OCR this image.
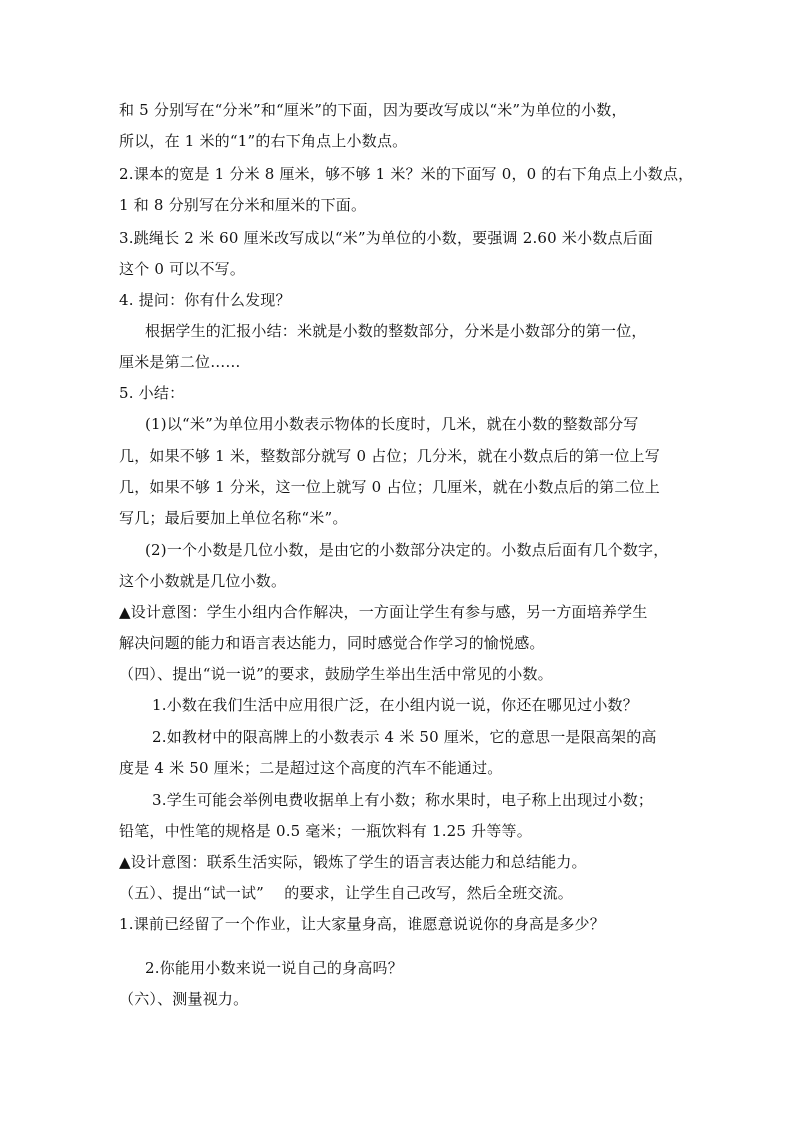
和 5 分别写在“分米”和“厘米”的下面，因为要改写成以“米”为单位的小数，
所以，在 1 米的“1”的右下角点上小数点。
2.课本的宽是 1 分米 8 厘米，够不够 1 米？米的下面写 0，0 的右下角点上小数点，
1 和 8 分别写在分米和厘米的下面。
3.跳绳长 2 米 60 厘米改写成以“米”为单位的小数，要强调 2.60 米小数点后面
这个 0 可以不写。
4. 提问：你有什么发现？
根据学生的汇报小结：米就是小数的整数部分，分米是小数部分的第一位，
厘米是第二位……
5. 小结：
(1)以“米”为单位用小数表示物体的长度时，几米，就在小数的整数部分写
几，如果不够 1 米，整数部分就写 0 占位；几分米，就在小数点后的第一位上写
几，如果不够 1 分米，这一位上就写 0 占位；几厘米，就在小数点后的第二位上
写几；最后要加上单位名称“米”。
(2)一个小数是几位小数，是由它的小数部分决定的。小数点后面有几个数字，
这个小数就是几位小数。
▲设计意图：学生小组内合作解决，一方面让学生有参与感，另一方面培养学生
解决问题的能力和语言表达能力，同时感觉合作学习的愉悦感。
（四）、提出“说一说”的要求，鼓励学生举出生活中常见的小数。
1.小数在我们生活中应用很广泛，在小组内说一说，你还在哪见过小数？
2.如教材中的限高牌上的小数表示 4 米 50 厘米，它的意思一是限高架的高
度是 4 米 50 厘米；二是超过这个高度的汽车不能通过。
3.学生可能会举例电费收据单上有小数；称水果时，电子称上出现过小数；
铅笔，中性笔的规格是 0.5 毫米；一瓶饮料有 1.25 升等等。
▲设计意图：联系生活实际，锻炼了学生的语言表达能力和总结能力。
（五）、提出“试一试”　 的要求，让学生自己改写，然后全班交流。
1.课前已经留了一个作业，让大家量身高，谁愿意说说你的身高是多少？
2.你能用小数来说一说自己的身高吗？
（六）、测量视力。
